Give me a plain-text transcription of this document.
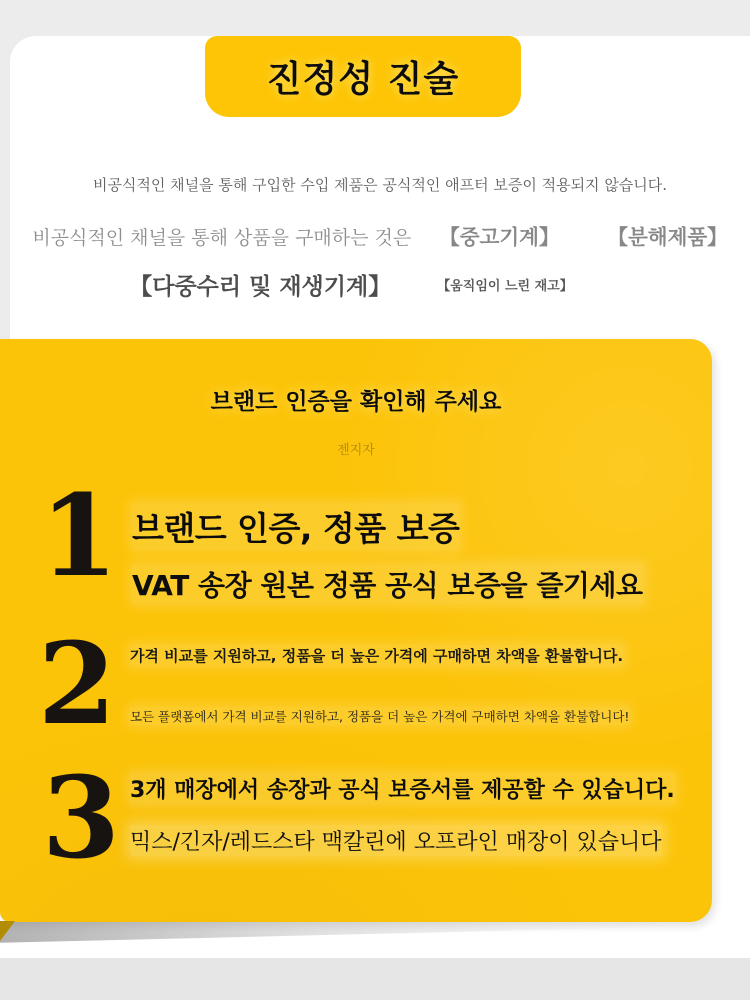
진정성 진술
비공식적인 채널을 통해 구입한 수입 제품은 공식적인 애프터 보증이 적용되지 않습니다.
비공식적인 채널을 통해 상품을 구매하는 것은 【중고기계】 【분해제품】
【다중수리 및 재생기계】	【움직임이 느린 재고】
브랜드 인증을 확인해 주세요
젠지자
1 브랜드 인증, 정품 보증
VAT 송장 원본 정품 공식 보증을 즐기세요
2 가격 비교를 지원하고, 정품을 더 높은 가격에 구매하면 차액을 환불합니다.
모든 플랫폼에서 가격 비교를 지원하고, 정품을 더 높은 가격에 구매하면 차액을 환불합니다!
3 3개 매장에서 송장과 공식 보증서를 제공할 수 있습니다.
믹스/긴자/레드스타 맥칼린에 오프라인 매장이 있습니다
